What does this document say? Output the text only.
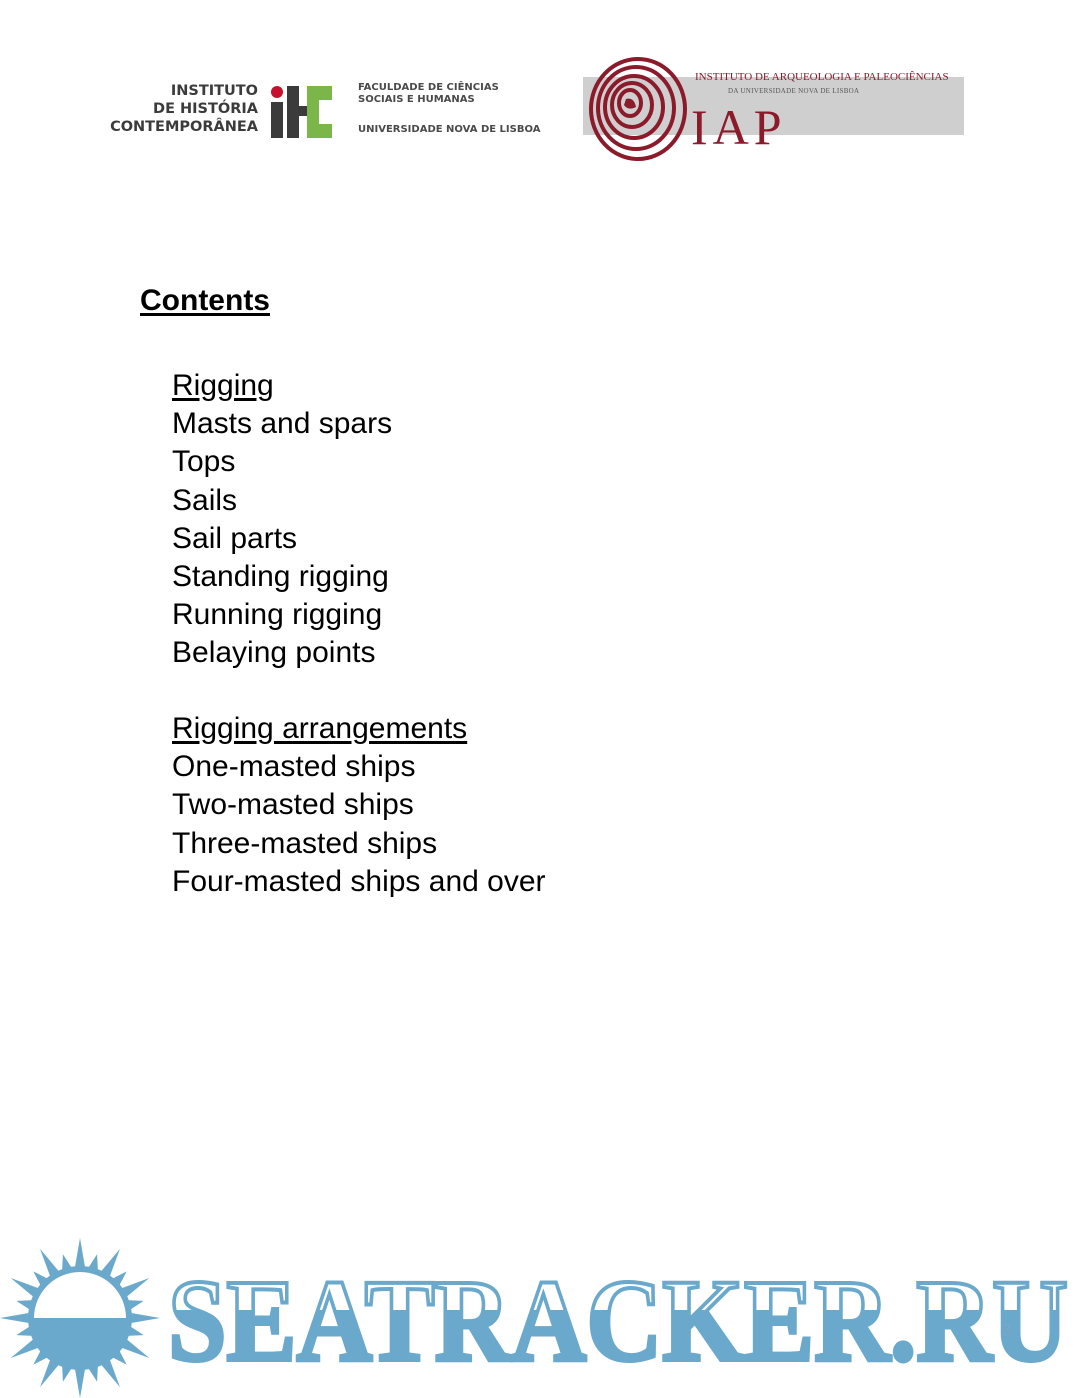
INSTITUTO
DE HISTÓRIA
CONTEMPORÂNEA
FACULDADE DE CIÊNCIAS
SOCIAIS E HUMANAS
UNIVERSIDADE NOVA DE LISBOA
INSTITUTO DE ARQUEOLOGIA E PALEOCIÊNCIAS
DA UNIVERSIDADE NOVA DE LISBOA
IAP
Contents
Rigging
Masts and spars
Tops
Sails
Sail parts
Standing rigging
Running rigging
Belaying points
Rigging arrangements
One-masted ships
Two-masted ships
Three-masted ships
Four-masted ships and over
SEATRACKER.RU
3
